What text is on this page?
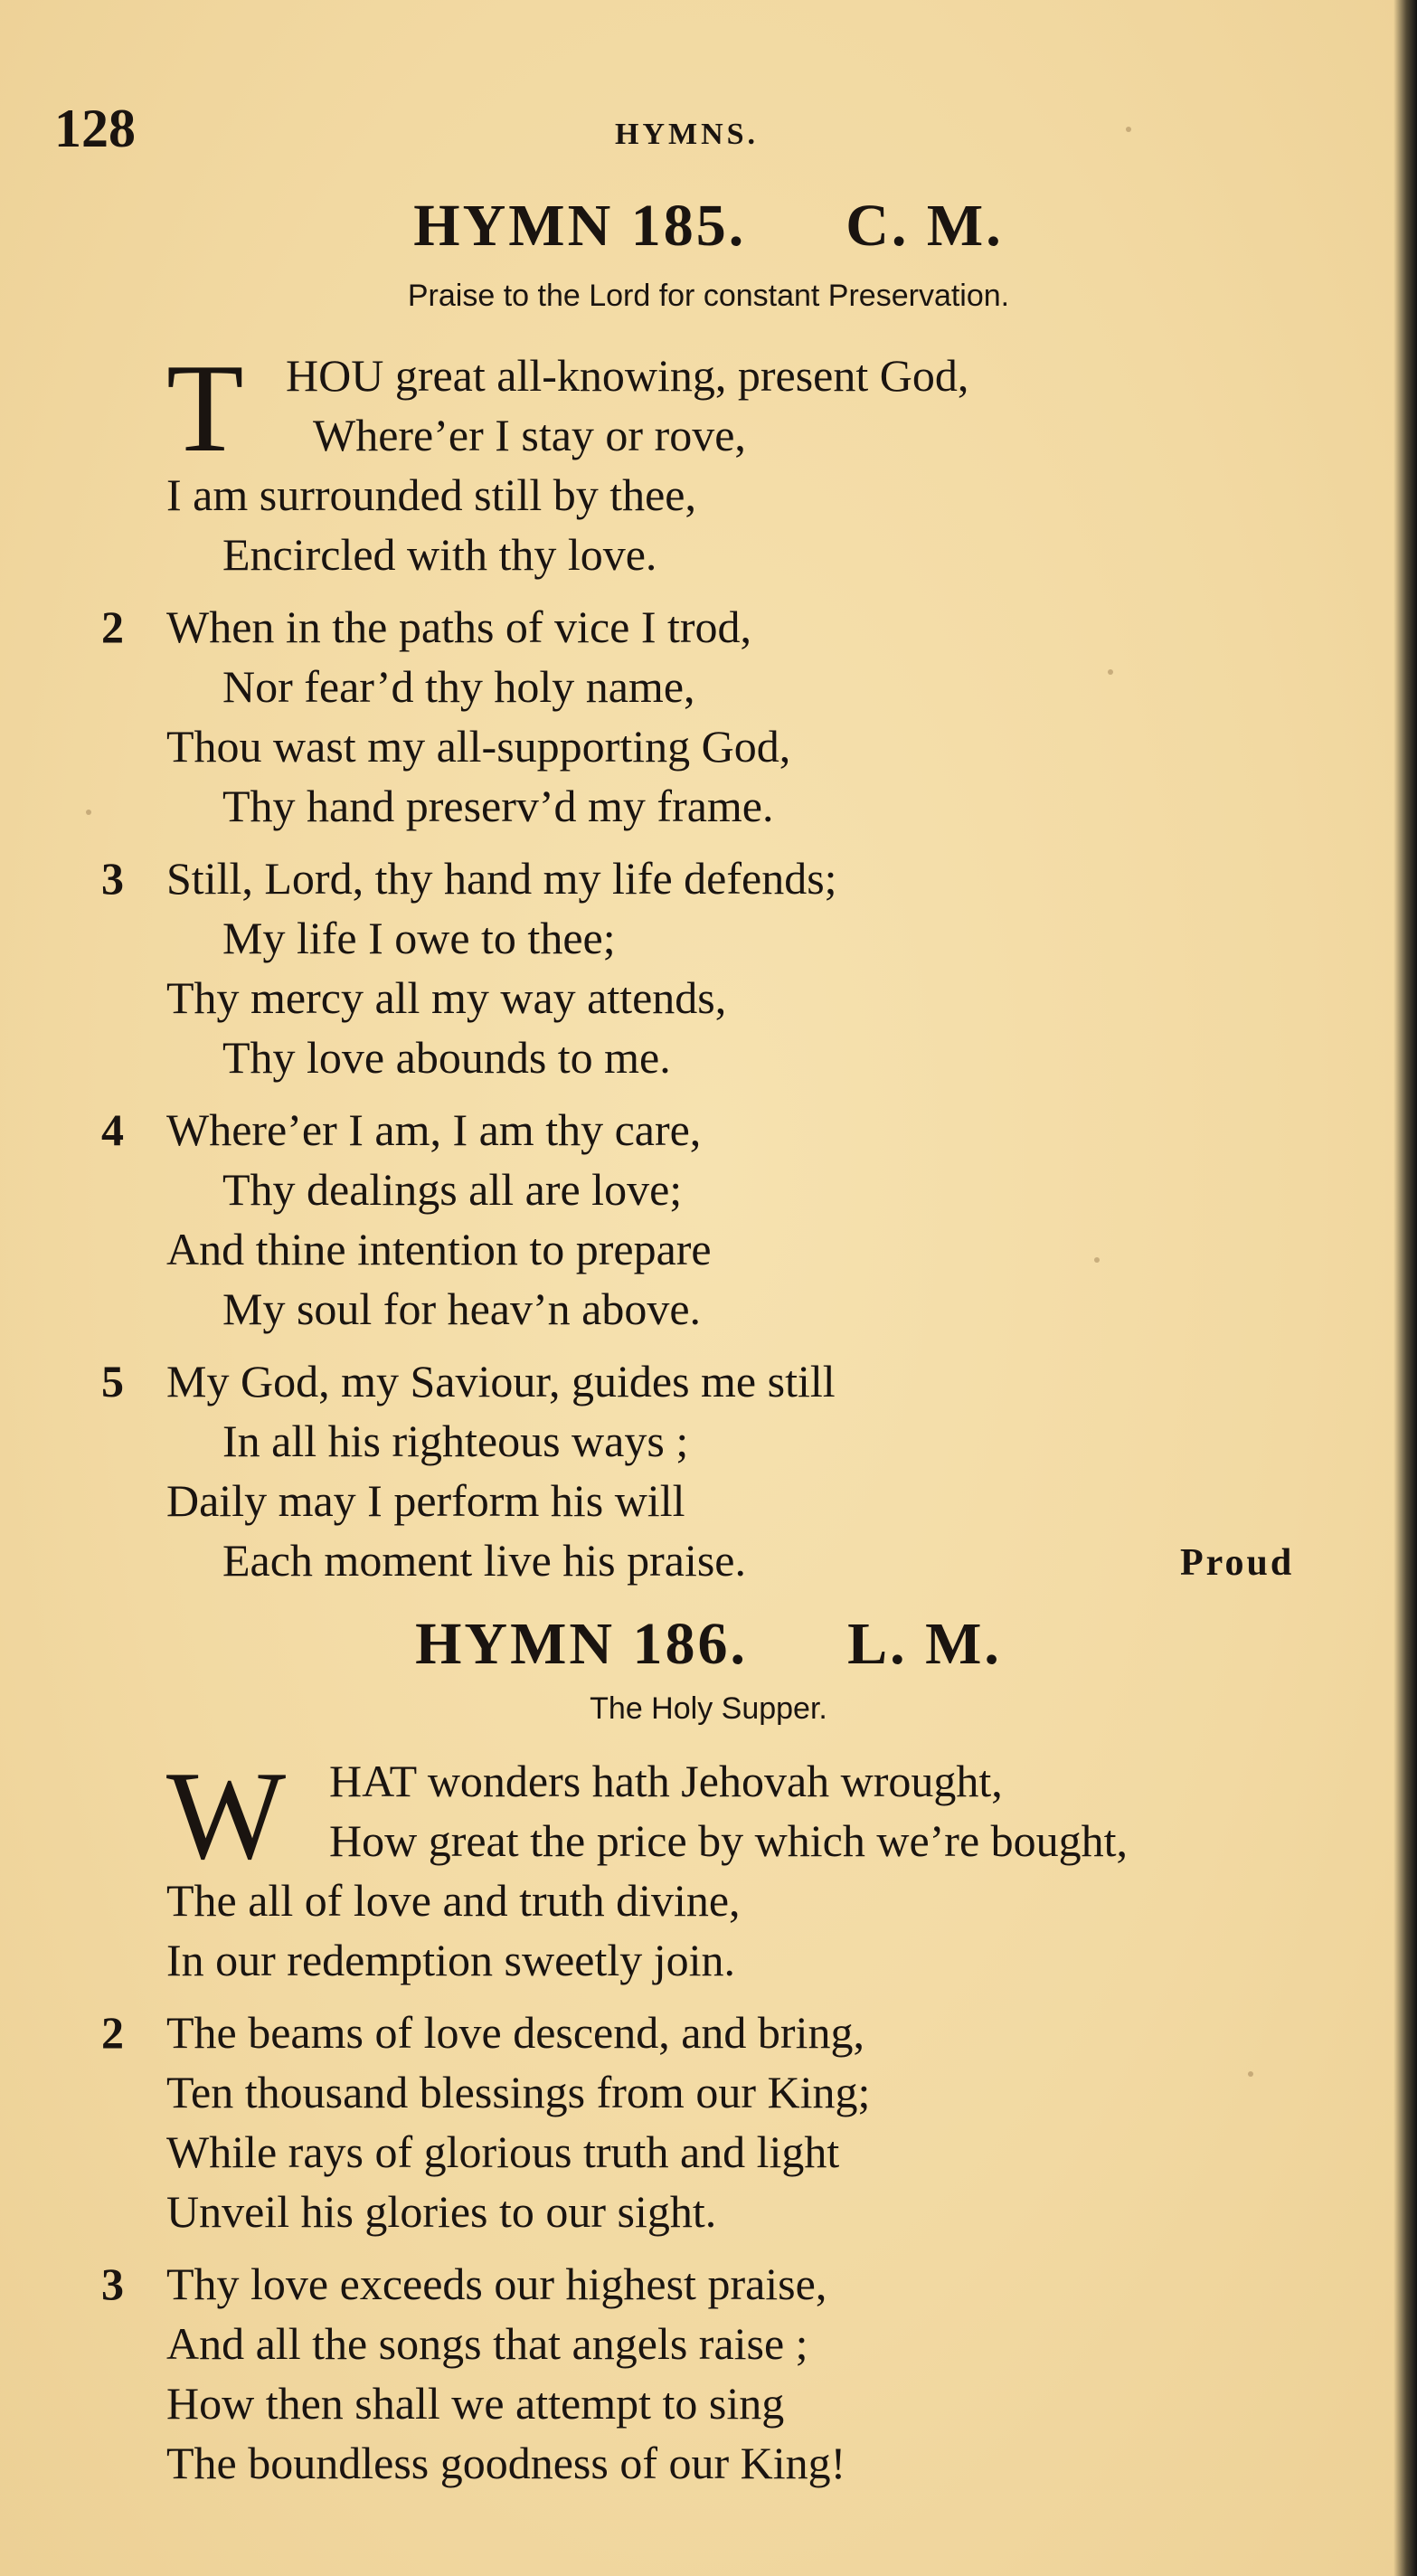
128	HYMNS.
HYMN 185. C. M.
Praise to the Lord for constant Preservation.
T HOU great all-knowing, present God,
Where’er I stay or rove,
I am surrounded still by thee,
Encircled with thy love.
2 When in the paths of vice I trod,
Nor fear’d thy holy name,
Thou wast my all-supporting God,
Thy hand preserv’d my frame.
3 Still, Lord, thy hand my life defends;
My life I owe to thee;
Thy mercy all my way attends,
Thy love abounds to me.
4 Where’er I am, I am thy care,
Thy dealings all are love;
And thine intention to prepare
My soul for heav’n above.
5 My God, my Saviour, guides me still
In all his righteous ways ;
Daily may I perform his will
Each moment live his praise.	Proud
HYMN 186. L. M.
The Holy Supper.
W HAT wonders hath Jehovah wrought,
How great the price by which we’re bought,
The all of love and truth divine,
In our redemption sweetly join.
2 The beams of love descend, and bring,
Ten thousand blessings from our King;
While rays of glorious truth and light
Unveil his glories to our sight.
3 Thy love exceeds our highest praise,
And all the songs that angels raise ;
How then shall we attempt to sing
The boundless goodness of our King!
